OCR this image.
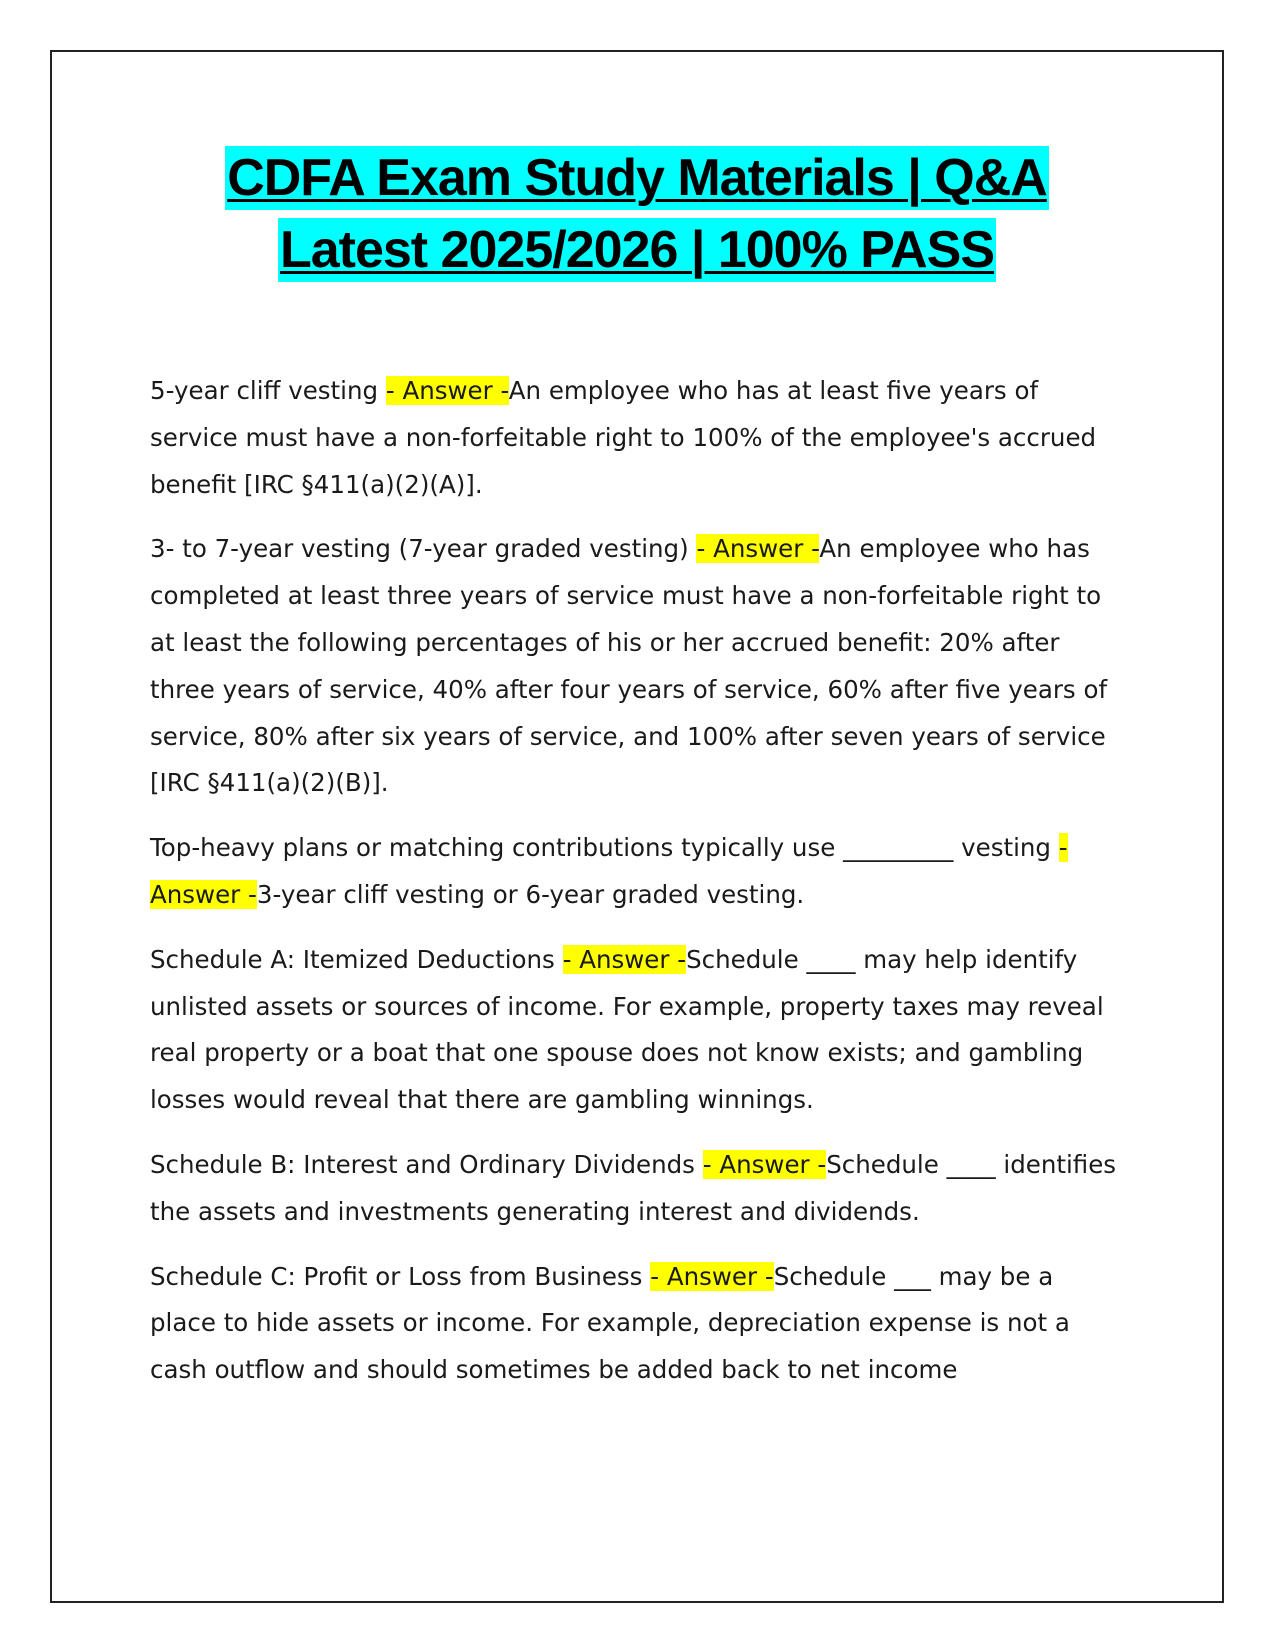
CDFA Exam Study Materials | Q&A
Latest 2025/2026 | 100% PASS

5-year cliff vesting - Answer -An employee who has at least five years of service must have a non-forfeitable right to 100% of the employee's accrued benefit [IRC §411(a)(2)(A)].

3- to 7-year vesting (7-year graded vesting) - Answer -An employee who has completed at least three years of service must have a non-forfeitable right to at least the following percentages of his or her accrued benefit: 20% after three years of service, 40% after four years of service, 60% after five years of service, 80% after six years of service, and 100% after seven years of service [IRC §411(a)(2)(B)].

Top-heavy plans or matching contributions typically use _________ vesting - Answer -3-year cliff vesting or 6-year graded vesting.

Schedule A: Itemized Deductions - Answer -Schedule ____ may help identify unlisted assets or sources of income. For example, property taxes may reveal real property or a boat that one spouse does not know exists; and gambling losses would reveal that there are gambling winnings.

Schedule B: Interest and Ordinary Dividends - Answer -Schedule ____ identifies the assets and investments generating interest and dividends.

Schedule C: Profit or Loss from Business - Answer -Schedule ___ may be a place to hide assets or income. For example, depreciation expense is not a cash outflow and should sometimes be added back to net income
